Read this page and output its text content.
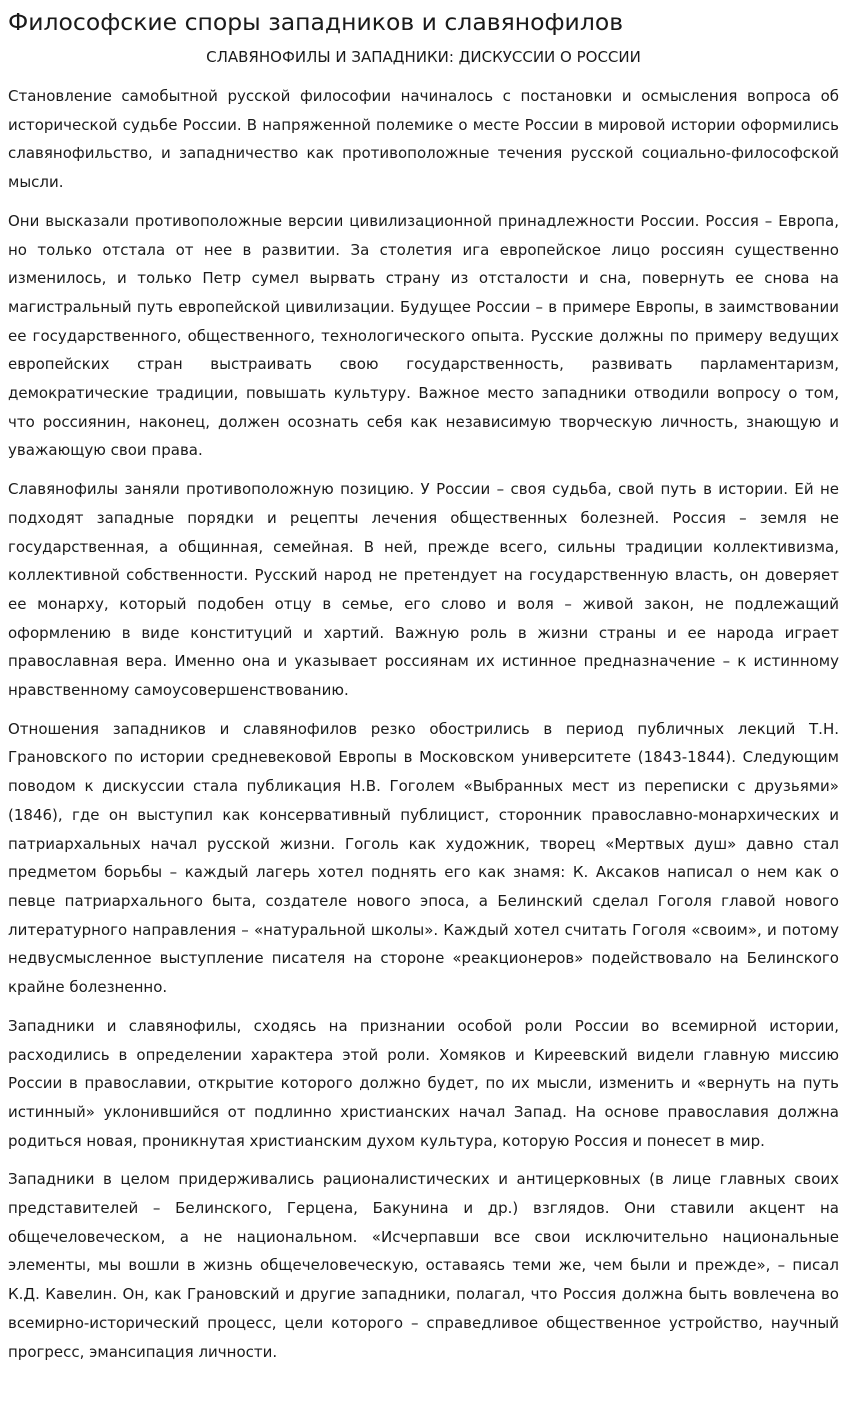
Философские споры западников и славянофилов
СЛАВЯНОФИЛЫ И ЗАПАДНИКИ: ДИСКУССИИ О РОССИИ

Становление самобытной русской философии начиналось с постановки и осмысления вопроса об исторической судьбе России. В напряженной полемике о месте России в мировой истории оформились славянофильство, и западничество как противоположные течения русской социально-философской мысли.

Они высказали противоположные версии цивилизационной принадлежности России. Россия – Европа, но только отстала от нее в развитии. За столетия ига европейское лицо россиян существенно изменилось, и только Петр сумел вырвать страну из отсталости и сна, повернуть ее снова на магистральный путь европейской цивилизации. Будущее России – в примере Европы, в заимствовании ее государственного, общественного, технологического опыта. Русские должны по примеру ведущих европейских стран выстраивать свою государственность, развивать парламентаризм, демократические традиции, повышать культуру. Важное место западники отводили вопросу о том, что россиянин, наконец, должен осознать себя как независимую творческую личность, знающую и уважающую свои права.

Славянофилы заняли противоположную позицию. У России – своя судьба, свой путь в истории. Ей не подходят западные порядки и рецепты лечения общественных болезней. Россия – земля не государственная, а общинная, семейная. В ней, прежде всего, сильны традиции коллективизма, коллективной собственности. Русский народ не претендует на государственную власть, он доверяет ее монарху, который подобен отцу в семье, его слово и воля – живой закон, не подлежащий оформлению в виде конституций и хартий. Важную роль в жизни страны и ее народа играет православная вера. Именно она и указывает россиянам их истинное предназначение – к истинному нравственному самоусовершенствованию.

Отношения западников и славянофилов резко обострились в период публичных лекций Т.Н. Грановского по истории средневековой Европы в Московском университете (1843-1844). Следующим поводом к дискуссии стала публикация Н.В. Гоголем «Выбранных мест из переписки с друзьями» (1846), где он выступил как консервативный публицист, сторонник православно-монархических и патриархальных начал русской жизни. Гоголь как художник, творец «Мертвых душ» давно стал предметом борьбы – каждый лагерь хотел поднять его как знамя: К. Аксаков написал о нем как о певце патриархального быта, создателе нового эпоса, а Белинский сделал Гоголя главой нового литературного направления – «натуральной школы». Каждый хотел считать Гоголя «своим», и потому недвусмысленное выступление писателя на стороне «реакционеров» подействовало на Белинского крайне болезненно.

Западники и славянофилы, сходясь на признании особой роли России во всемирной истории, расходились в определении характера этой роли. Хомяков и Киреевский видели главную миссию России в православии, открытие которого должно будет, по их мысли, изменить и «вернуть на путь истинный» уклонившийся от подлинно христианских начал Запад. На основе православия должна родиться новая, проникнутая христианским духом культура, которую Россия и понесет в мир.

Западники в целом придерживались рационалистических и антицерковных (в лице главных своих представителей – Белинского, Герцена, Бакунина и др.) взглядов. Они ставили акцент на общечеловеческом, а не национальном. «Исчерпавши все свои исключительно национальные элементы, мы вошли в жизнь общечеловеческую, оставаясь теми же, чем были и прежде», – писал К.Д. Кавелин. Он, как Грановский и другие западники, полагал, что Россия должна быть вовлечена во всемирно-исторический процесс, цели которого – справедливое общественное устройство, научный прогресс, эмансипация личности.
